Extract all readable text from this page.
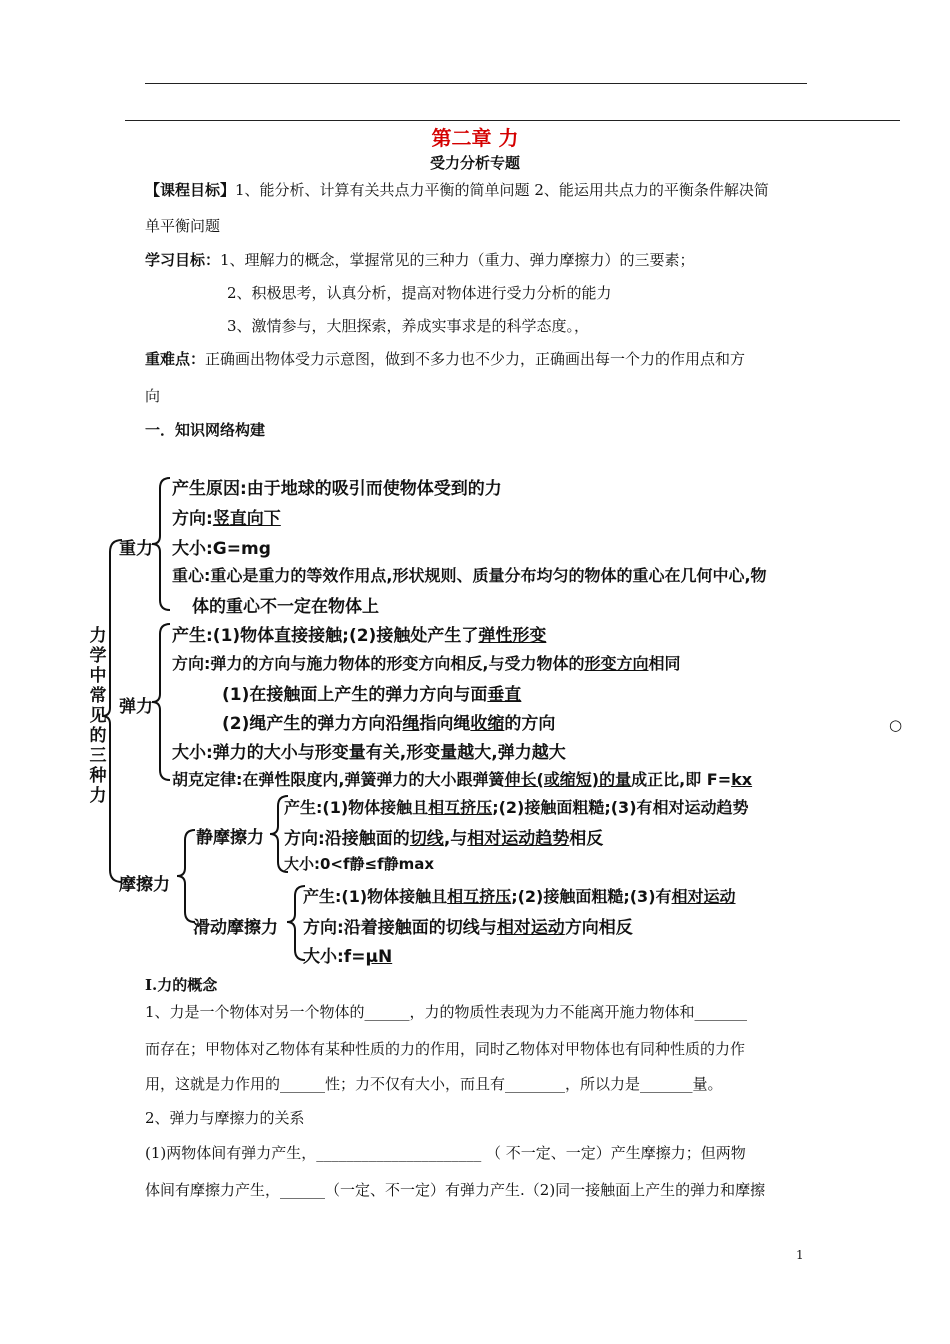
第二章 力
受力分析专题
【课程目标】1、能分析、计算有关共点力平衡的简单问题 2、能运用共点力的平衡条件解决简
单平衡问题
学习目标：1、理解力的概念，掌握常见的三种力（重力、弹力摩擦力）的三要素；
2、积极思考，认真分析，提高对物体进行受力分析的能力
3、激情参与，大胆探索，养成实事求是的科学态度。，
重难点：正确画出物体受力示意图，做到不多力也不少力，正确画出每一个力的作用点和方
向
一．知识网络构建
力学中常见的三种力
重力
产生原因:由于地球的吸引而使物体受到的力
方向:竖直向下
大小:G=mg
重心:重心是重力的等效作用点,形状规则、质量分布均匀的物体的重心在几何中心,物
体的重心不一定在物体上
弹力
产生:(1)物体直接接触;(2)接触处产生了弹性形变
方向:弹力的方向与施力物体的形变方向相反,与受力物体的形变方向相同
(1)在接触面上产生的弹力方向与面垂直
(2)绳产生的弹力方向沿绳指向绳收缩的方向
大小:弹力的大小与形变量有关,形变量越大,弹力越大
胡克定律:在弹性限度内,弹簧弹力的大小跟弹簧伸长(或缩短)的量成正比,即 F=kx
○
摩擦力
静摩擦力
产生:(1)物体接触且相互挤压;(2)接触面粗糙;(3)有相对运动趋势
方向:沿接触面的切线,与相对运动趋势相反
大小:0<f静≤f静max
滑动摩擦力
产生:(1)物体接触且相互挤压;(2)接触面粗糙;(3)有相对运动
方向:沿着接触面的切线与相对运动方向相反
大小:f=μN
Ⅰ.力的概念
1、力是一个物体对另一个物体的______，力的物质性表现为力不能离开施力物体和_______
而存在；甲物体对乙物体有某种性质的力的作用，同时乙物体对甲物体也有同种性质的力作
用，这就是力作用的______性；力不仅有大小，而且有________，所以力是_______量。
2、弹力与摩擦力的关系
(1)两物体间有弹力产生，______________________ （ 不一定、一定）产生摩擦力；但两物
体间有摩擦力产生，______（一定、不一定）有弹力产生.（2)同一接触面上产生的弹力和摩擦
1
